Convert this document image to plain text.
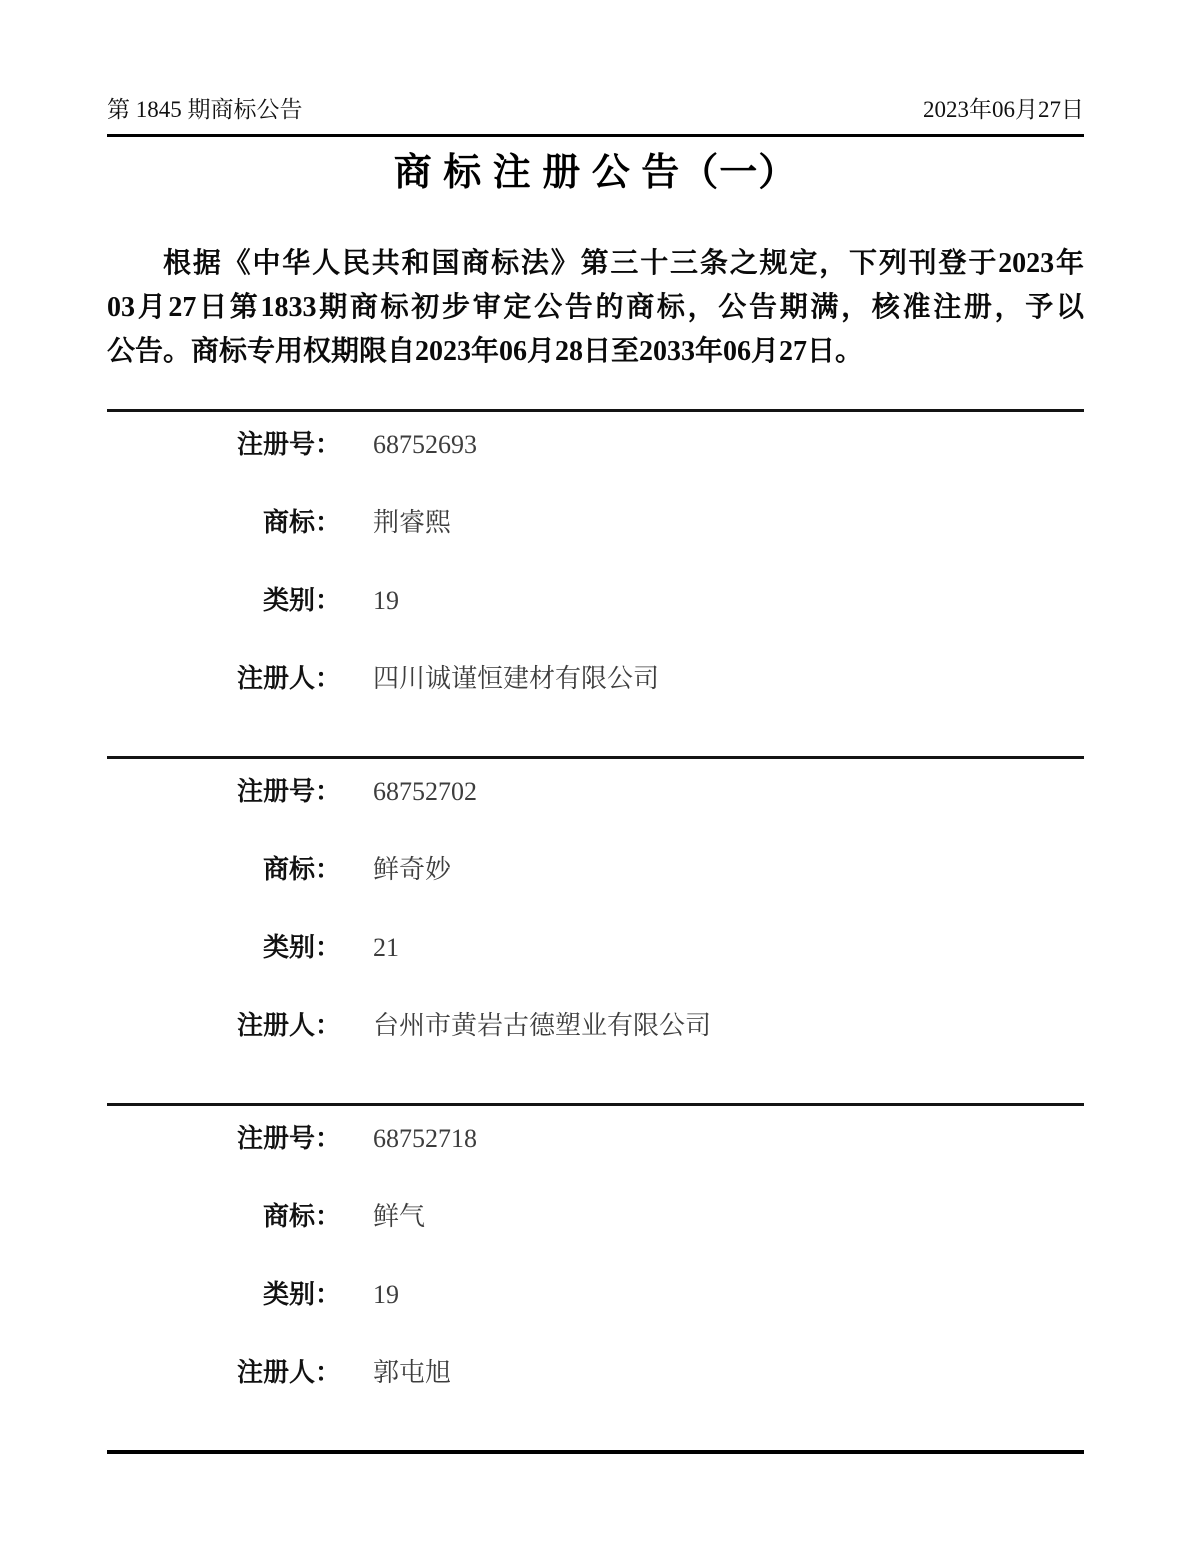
第 1845 期商标公告	2023年06月27日
商 标 注 册 公 告（一）

根据《中华人民共和国商标法》第三十三条之规定，下列刊登于2023年
03月27日第1833期商标初步审定公告的商标，公告期满，核准注册，予以
公告。商标专用权期限自2023年06月28日至2033年06月27日。

注册号： 68752693
商标： 荆睿熙
类别： 19
注册人： 四川诚谨恒建材有限公司
注册号： 68752702
商标： 鲜奇妙
类别： 21
注册人： 台州市黄岩古德塑业有限公司
注册号： 68752718
商标： 鲜气
类别： 19
注册人： 郭屯旭
